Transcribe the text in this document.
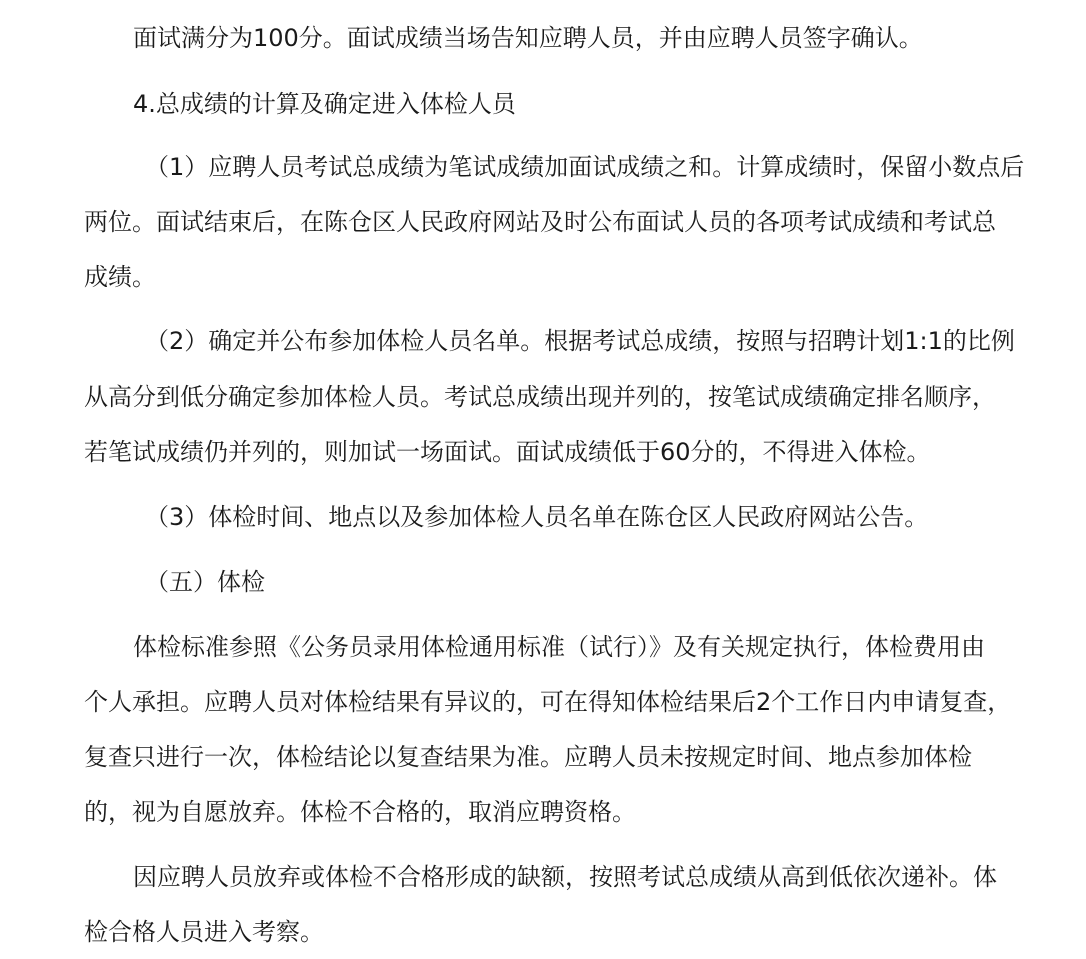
面试满分为100分。面试成绩当场告知应聘人员，并由应聘人员签字确认。
4.总成绩的计算及确定进入体检人员
（1）应聘人员考试总成绩为笔试成绩加面试成绩之和。计算成绩时，保留小数点后
两位。面试结束后，在陈仓区人民政府网站及时公布面试人员的各项考试成绩和考试总
成绩。
（2）确定并公布参加体检人员名单。根据考试总成绩，按照与招聘计划1:1的比例
从高分到低分确定参加体检人员。考试总成绩出现并列的，按笔试成绩确定排名顺序，
若笔试成绩仍并列的，则加试一场面试。面试成绩低于60分的，不得进入体检。
（3）体检时间、地点以及参加体检人员名单在陈仓区人民政府网站公告。
（五）体检
体检标准参照《公务员录用体检通用标准（试行）》及有关规定执行，体检费用由
个人承担。应聘人员对体检结果有异议的，可在得知体检结果后2个工作日内申请复查，
复查只进行一次，体检结论以复查结果为准。应聘人员未按规定时间、地点参加体检
的，视为自愿放弃。体检不合格的，取消应聘资格。
因应聘人员放弃或体检不合格形成的缺额，按照考试总成绩从高到低依次递补。体
检合格人员进入考察。
